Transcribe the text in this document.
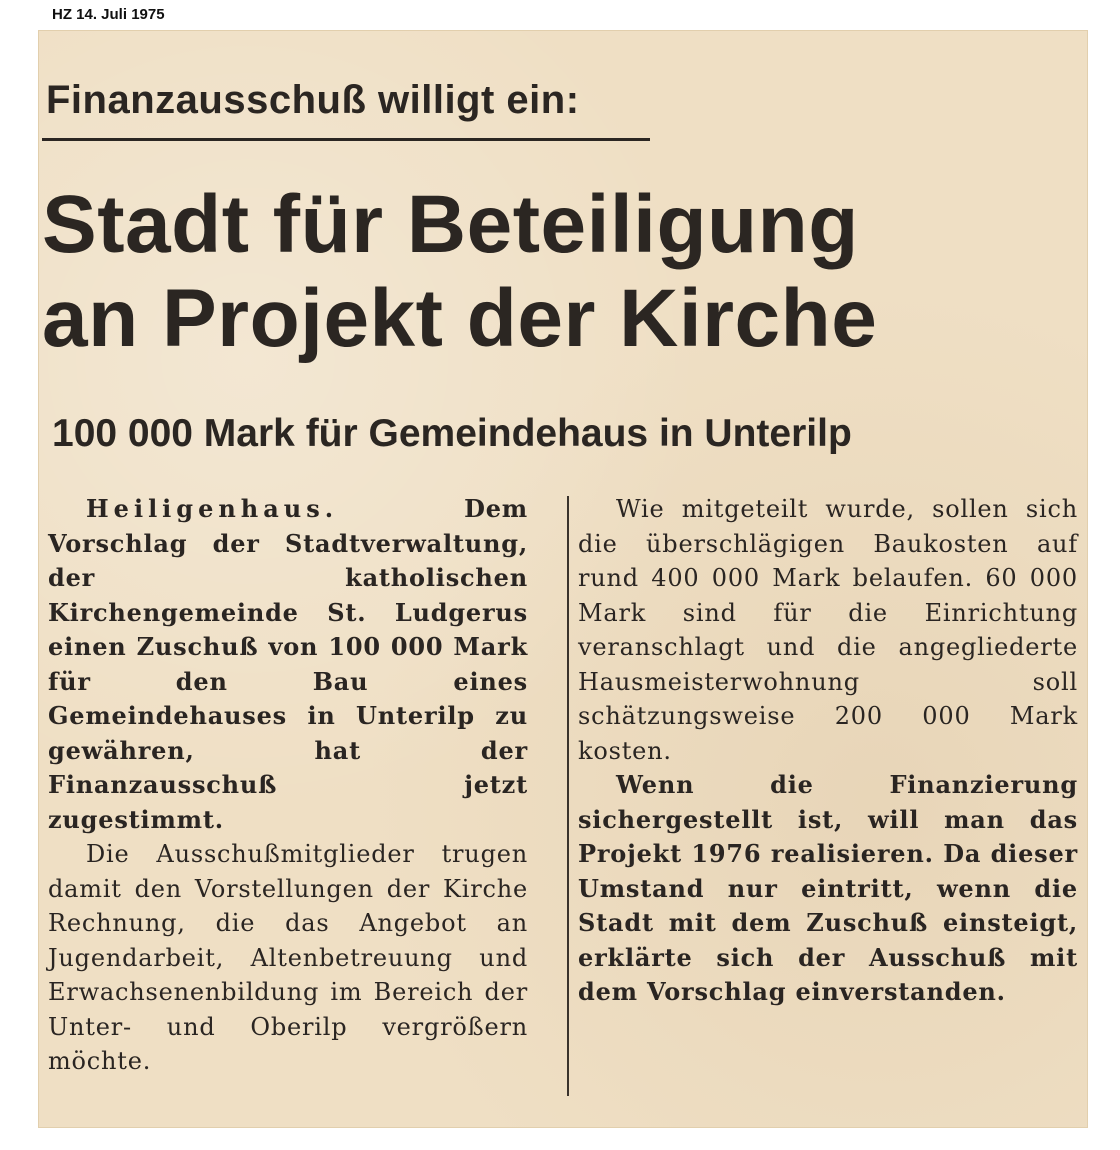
HZ 14. Juli 1975
Finanzausschuß willigt ein:
Stadt für Beteiligung
an Projekt der Kirche
100 000 Mark für Gemeindehaus in Unterilp

Heiligenhaus.	Dem Vorschlag der Stadtverwaltung, der katholischen Kirchengemeinde St. Ludgerus einen Zuschuß von 100 000 Mark für den Bau eines Gemeindehauses in Unterilp zu gewähren, hat der Finanzausschuß jetzt zugestimmt.

Die Ausschußmitglieder trugen damit den Vorstellungen der Kirche Rechnung, die das Angebot an Jugendarbeit, Altenbetreuung und Erwachsenenbildung im Bereich der Unter- und Oberilp vergrößern möchte.

Wie mitgeteilt wurde, sollen sich die überschlägigen Baukosten auf rund 400 000 Mark belaufen. 60 000 Mark sind für die Einrichtung veranschlagt und die angegliederte Hausmeisterwohnung soll schätzungsweise 200 000 Mark kosten.

Wenn die Finanzierung sichergestellt ist, will man das Projekt 1976 realisieren. Da dieser Umstand nur eintritt, wenn die Stadt mit dem Zuschuß einsteigt, erklärte sich der Ausschuß mit dem Vorschlag einverstanden.
